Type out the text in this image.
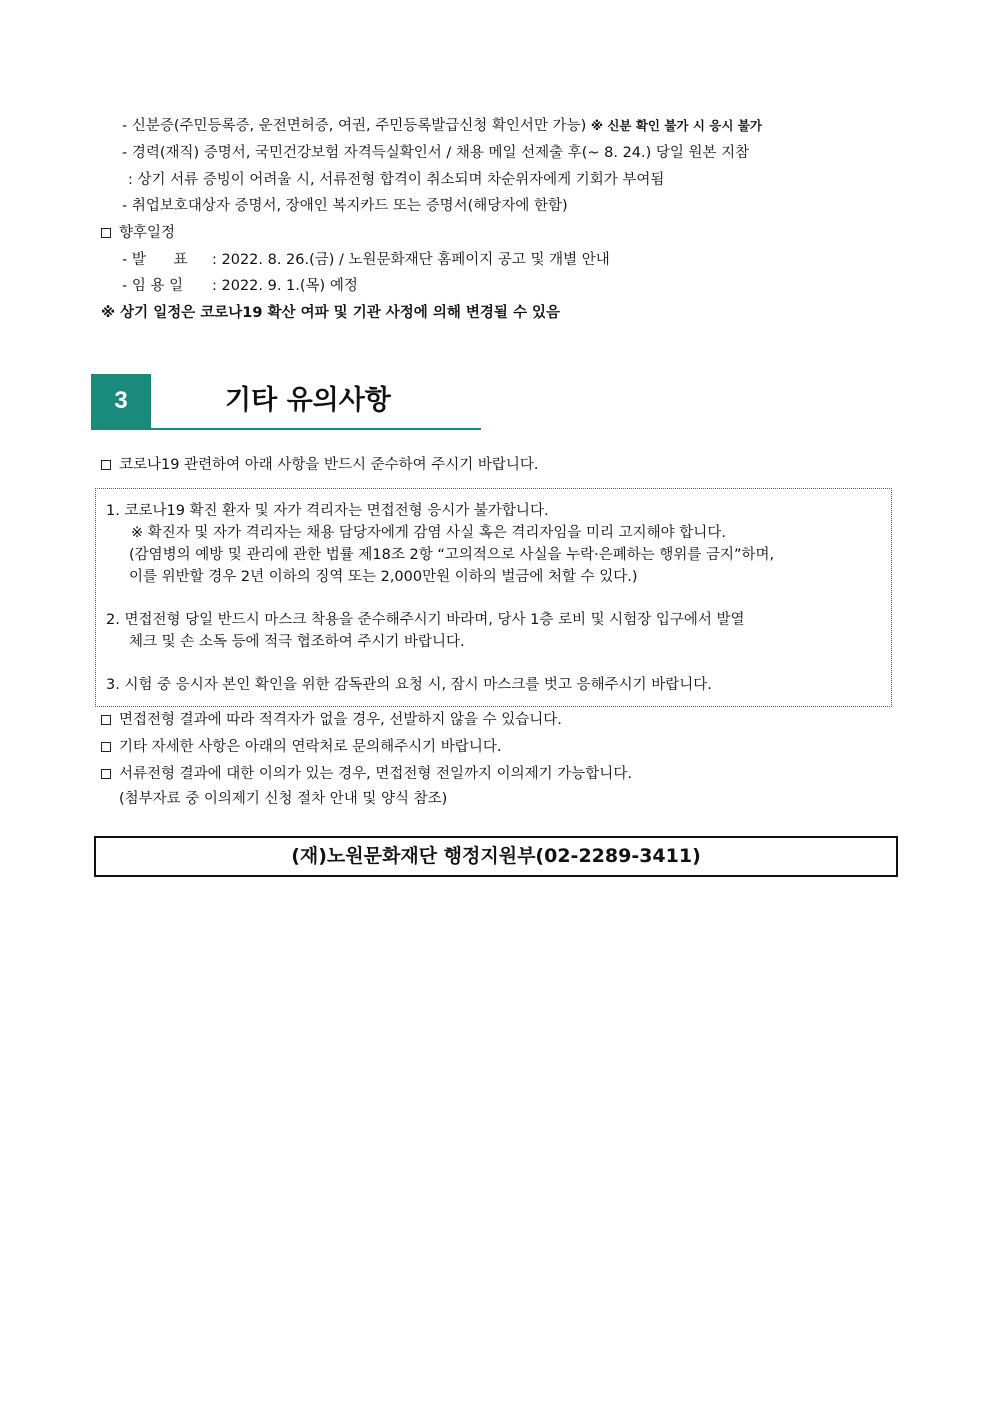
- 신분증(주민등록증, 운전면허증, 여권, 주민등록발급신청 확인서만 가능) ※ 신분 확인 불가 시 응시 불가
- 경력(재직) 증명서, 국민건강보험 자격득실확인서 / 채용 메일 선제출 후(~ 8. 24.) 당일 원본 지참
: 상기 서류 증빙이 어려울 시, 서류전형 합격이 취소되며 차순위자에게 기회가 부여됨
- 취업보호대상자 증명서, 장애인 복지카드 또는 증명서(해당자에 한함)
향후일정
- 발      표 : 2022. 8. 26.(금) / 노원문화재단 홈페이지 공고 및 개별 안내
- 임 용 일 : 2022. 9. 1.(목) 예정
※ 상기 일정은 코로나19 확산 여파 및 기관 사정에 의해 변경될 수 있음
3	기타 유의사항
코로나19 관련하여 아래 사항을 반드시 준수하여 주시기 바랍니다.
1. 코로나19 확진 환자 및 자가 격리자는 면접전형 응시가 불가합니다.
※ 확진자 및 자가 격리자는 채용 담당자에게 감염 사실 혹은 격리자임을 미리 고지해야 합니다.
(감염병의 예방 및 관리에 관한 법률 제18조 2항 “고의적으로 사실을 누락·은폐하는 행위를 금지”하며,
이를 위반할 경우 2년 이하의 징역 또는 2,000만원 이하의 벌금에 처할 수 있다.)
2. 면접전형 당일 반드시 마스크 착용을 준수해주시기 바라며, 당사 1층 로비 및 시험장 입구에서 발열
체크 및 손 소독 등에 적극 협조하여 주시기 바랍니다.
3. 시험 중 응시자 본인 확인을 위한 감독관의 요청 시, 잠시 마스크를 벗고 응해주시기 바랍니다.
면접전형 결과에 따라 적격자가 없을 경우, 선발하지 않을 수 있습니다.
기타 자세한 사항은 아래의 연락처로 문의해주시기 바랍니다.
서류전형 결과에 대한 이의가 있는 경우, 면접전형 전일까지 이의제기 가능합니다.
(첨부자료 중 이의제기 신청 절차 안내 및 양식 참조)
(재)노원문화재단 행정지원부(02-2289-3411)
